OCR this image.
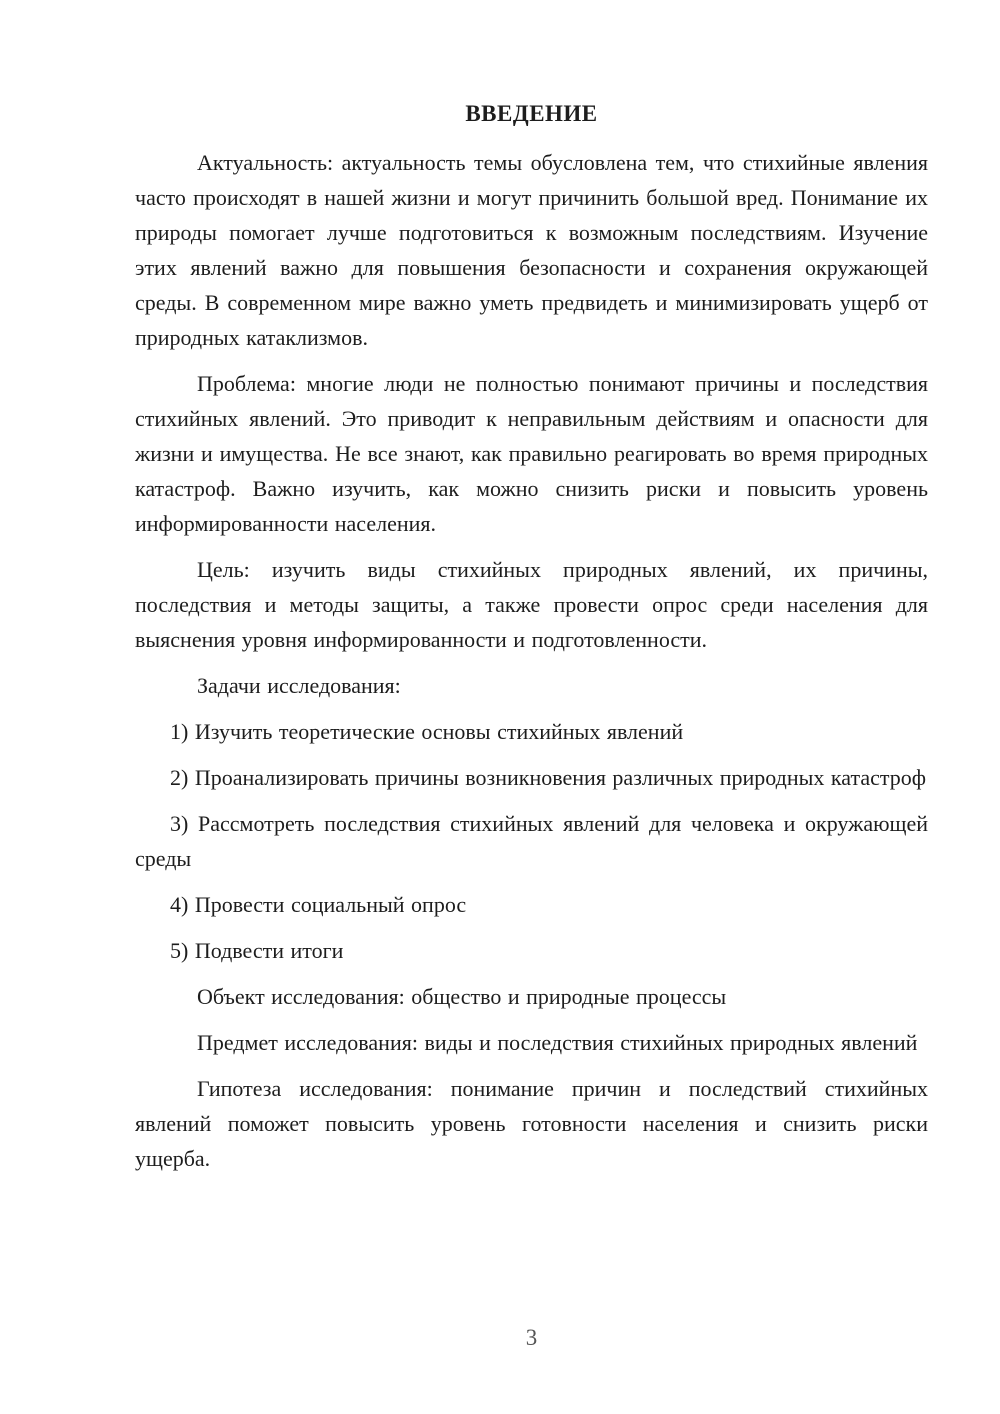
ВВЕДЕНИЕ

Актуальность: актуальность темы обусловлена тем, что стихийные явления часто происходят в нашей жизни и могут причинить большой вред. Понимание их природы помогает лучше подготовиться к возможным последствиям. Изучение этих явлений важно для повышения безопасности и сохранения окружающей среды. В современном мире важно уметь предвидеть и минимизировать ущерб от природных катаклизмов.

Проблема: многие люди не полностью понимают причины и последствия стихийных явлений. Это приводит к неправильным действиям и опасности для жизни и имущества. Не все знают, как правильно реагировать во время природных катастроф. Важно изучить, как можно снизить риски и повысить уровень информированности населения.

Цель: изучить виды стихийных природных явлений, их причины, последствия и методы защиты, а также провести опрос среди населения для выяснения уровня информированности и подготовленности.

Задачи исследования:

1) Изучить теоретические основы стихийных явлений

2) Проанализировать причины возникновения различных природных катастроф

3) Рассмотреть последствия стихийных явлений для человека и окружающей среды

4) Провести социальный опрос

5) Подвести итоги

Объект исследования: общество и природные процессы

Предмет исследования: виды и последствия стихийных природных явлений

Гипотеза исследования: понимание причин и последствий стихийных явлений поможет повысить уровень готовности населения и снизить риски ущерба.

3
